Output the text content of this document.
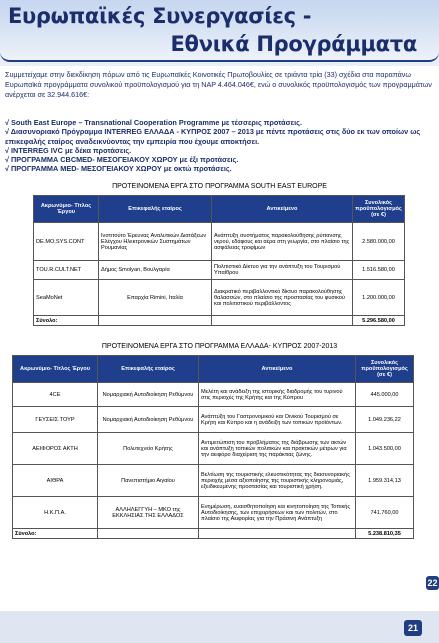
Ευρωπαϊκές Συνεργασίες -
Εθνικά Προγράμματα
Συμμετείχαμε στην διεκδίκηση πόρων από τις Ευρωπαϊκές Κοινοτικές Πρωτοβουλίες σε τριάντα τρία (33) σχέδια στα παραπάνω Ευρωπαϊκά προγράμματα συνολικού προϋπολογισμού για τη ΝΑΡ 4.464.046€, ενώ ο συνολικός προϋπολογισμός των προγραμμάτων ανέρχεται σε 32.944.616€:
√ South East Europe – Transnational Cooperation Programme με τέσσερις προτάσεις.
√ Διασυνοριακό Πρόγραμμα INTERREG ΕΛΛΑΔΑ - ΚΥΠΡΟΣ 2007 – 2013 με πέντε προτάσεις στις δύο εκ των οποίων ως επικεφαλής εταίρος αναδεικνύοντας την εμπειρία που έχουμε αποκτήσει.
√ INTERREG IVC με δέκα προτάσεις.
√ ΠΡΟΓΡΑΜΜΑ CBCMED- ΜΕΣΟΓΕΙΑΚΟΥ ΧΩΡΟΥ με έξι προτάσεις.
√ ΠΡΟΓΡΑΜΜΑ MED- ΜΕΣΟΓΕΙΑΚΟΥ ΧΩΡΟΥ με οκτώ προτάσεις.
ΠΡΟΤΕΙΝΟΜΕΝΑ ΕΡΓΑ ΣΤΟ ΠΡΟΓΡΑΜΜΑ SOUTH EAST EUROPE
Ακρωνύμιο- Τίτλος Έργου	Επικεφαλής εταίρος	Αντικείμενο	Συνολικός προϋπολογισμός (σε €)
DE.MO.SYS.CONT	Ινστιτούτο Έρευνας Αναλυτικών Διατάξεων Ελέγχου Ηλεκτρονικών Συστημάτων Ρουμανίας	Ανάπτυξη συστήματος παρακολούθησης ρύπανσης νερού, εδάφους και αέρα στη γεωργία, στο πλαίσιο της ασφάλειας τροφίμων	2.580.000,00
TOU.R.CULT.NET	Δήμος Smolyan, Βουλγαρία	Πολιτιστικό Δίκτυο για την ανάπτυξη του Τουρισμού Υπαίθρου	1.516.580,00
SeaMoNet	Επαρχία Rimini, Ιταλία	Διακρατικό περιβαλλοντικό δίκτυο παρακολούθησης θαλασσών, στο πλαίσιο της προστασίας του φυσικού και πολιτιστικού περιβάλλοντος	1.200.000,00
Σύνολο:			5.296.580,00
ΠΡΟΤΕΙΝΟΜΕΝΑ ΕΡΓΑ ΣΤΟ ΠΡΟΓΡΑΜΜΑ ΕΛΛΑΔΑ- ΚΥΠΡΟΣ 2007-2013
Ακρωνύμιο- Τίτλος Έργου	Επικεφαλής εταίρος	Αντικείμενο	Συνολικός προϋπολογισμός (σε €)
4CE	Νομαρχιακή Αυτοδιοίκηση Ρεθύμνου	Μελέτη και ανάδειξη της ιστορικής διαδρομής του τυρινού στις περιοχές της Κρήτης και της Κύπρου	445.000,00
ΓΕΥΣΕΙΣ.ΤΟΥΡ	Νομαρχιακή Αυτοδιοίκηση Ρεθύμνου	Ανάπτυξη του Γαστρονομικού και Οινικού Τουρισμού σε Κρήτη και Κύπρο και η ανάδειξη των τοπικών προϊόντων.	1.049.236,22
ΑΕΙΦΟΡΟΣ ΑΚΤΗ	Πολυτεχνείο Κρήτης	Αντιμετώπιση του προβλήματος της διάβρωσης των ακτών και ανάπτυξη τοπικών πολιτικών και πρακτικών μέτρων για την αειφόρο διαχείριση της παράκτιας ζώνης.	1.043.500,00
ΑΙΘΡΑ	Πανεπιστήμιο Αιγαίου	Βελτίωση της τουριστικής ελκυστικότητας της διασυνοριακής περιοχής μέσα αξιοποίησης της τουριστικής κληρονομιάς, εξειδικευμένης προστασίας και τουριστική χρήση.	1.959.314,13
Η.Κ.Π.Α.	ΑΛΛΗΛΕΓΓΥΗ – ΜΚΟ της ΕΚΚΛΗΣΙΑΣ ΤΗΣ ΕΛΛΑΔΟΣ	Ενημέρωση, ευαισθητοποίηση και κινητοποίηση της Τοπικής Αυτοδιοίκησης, των επιχειρήσεων και των πολιτών, στο πλαίσιο της Αειφορίας για την Πράσινη Ανάπτυξη	741.760,00
Σύνολο:			5.238.810,35
22
21
